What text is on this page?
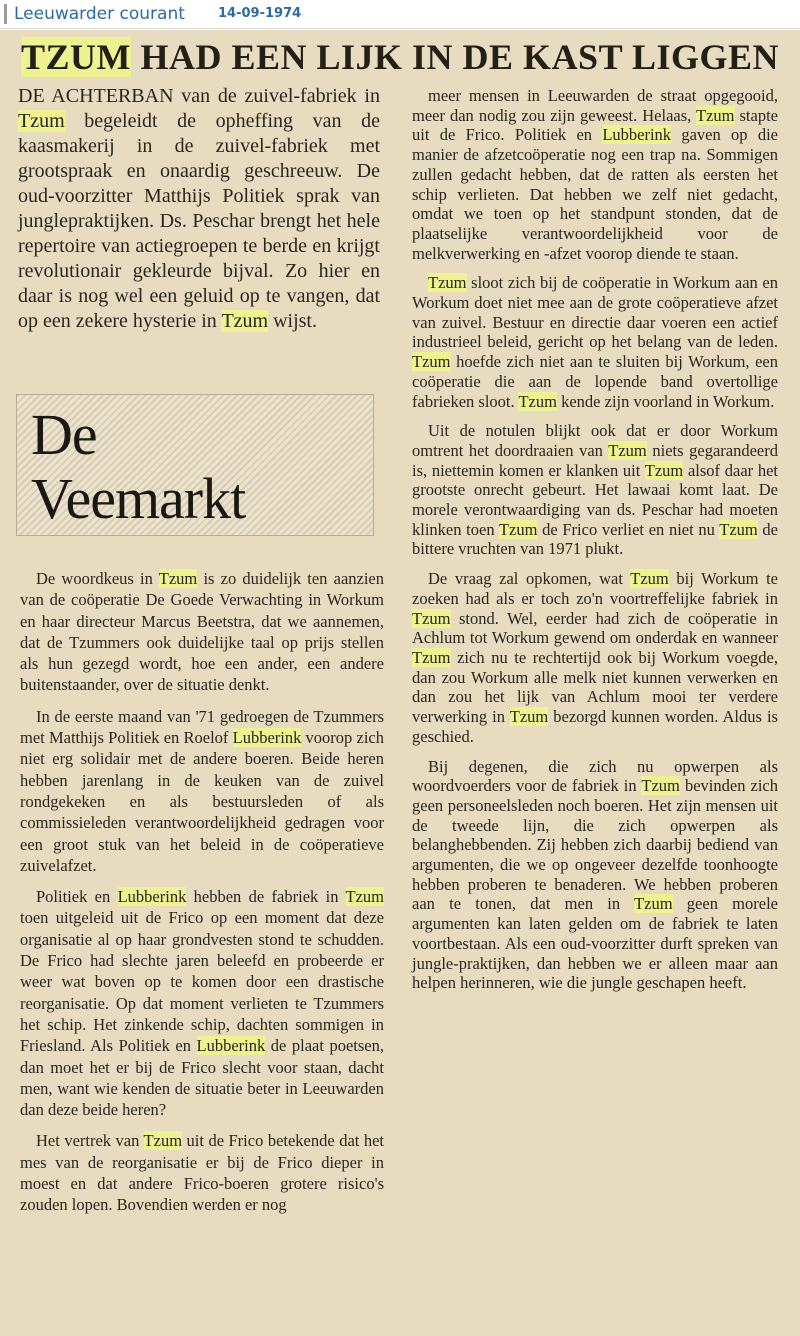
Leeuwarder courant	14-09-1974
TZUM HAD EEN LIJK IN DE KAST LIGGEN

DE ACHTERBAN van de zuivel-fabriek in Tzum begeleidt de opheffing van de kaasmakerij in de zuivel-fabriek met grootspraak en onaardig geschreeuw. De oud-voorzitter Matthijs Politiek sprak van junglepraktijken. Ds. Peschar brengt het hele repertoire van actiegroepen te berde en krijgt revolutionair gekleurde bijval. Zo hier en daar is nog wel een geluid op te vangen, dat op een zekere hysterie in Tzum wijst.

De
Veemarkt

De woordkeus in Tzum is zo duidelijk ten aanzien van de coöperatie De Goede Verwachting in Workum en haar directeur Marcus Beetstra, dat we aannemen, dat de Tzummers ook duidelijke taal op prijs stellen als hun gezegd wordt, hoe een ander, een andere buitenstaander, over de situatie denkt.

In de eerste maand van '71 gedroegen de Tzummers met Matthijs Politiek en Roelof Lubberink voorop zich niet erg solidair met de andere boeren. Beide heren hebben jarenlang in de keuken van de zuivel rondgekeken en als bestuursleden of als commissieleden verantwoordelijkheid gedragen voor een groot stuk van het beleid in de coöperatieve zuivelafzet.

Politiek en Lubberink hebben de fabriek in Tzum toen uitgeleid uit de Frico op een moment dat deze organisatie al op haar grondvesten stond te schudden. De Frico had slechte jaren beleefd en probeerde er weer wat boven op te komen door een drastische reorganisatie. Op dat moment verlieten te Tzummers het schip. Het zinkende schip, dachten sommigen in Friesland. Als Politiek en Lubberink de plaat poetsen, dan moet het er bij de Frico slecht voor staan, dacht men, want wie kenden de situatie beter in Leeuwarden dan deze beide heren?

Het vertrek van Tzum uit de Frico betekende dat het mes van de reorganisatie er bij de Frico dieper in moest en dat andere Frico-boeren grotere risico's zouden lopen. Bovendien werden er nog

meer mensen in Leeuwarden de straat opgegooid, meer dan nodig zou zijn geweest. Helaas, Tzum stapte uit de Frico. Politiek en Lubberink gaven op die manier de afzetcoöperatie nog een trap na. Sommigen zullen gedacht hebben, dat de ratten als eersten het schip verlieten. Dat hebben we zelf niet gedacht, omdat we toen op het standpunt stonden, dat de plaatselijke verantwoordelijkheid voor de melkverwerking en -afzet voorop diende te staan.

Tzum sloot zich bij de coöperatie in Workum aan en Workum doet niet mee aan de grote coöperatieve afzet van zuivel. Bestuur en directie daar voeren een actief industrieel beleid, gericht op het belang van de leden. Tzum hoefde zich niet aan te sluiten bij Workum, een coöperatie die aan de lopende band overtollige fabrieken sloot. Tzum kende zijn voorland in Workum.

Uit de notulen blijkt ook dat er door Workum omtrent het doordraaien van Tzum niets gegarandeerd is, niettemin komen er klanken uit Tzum alsof daar het grootste onrecht gebeurt. Het lawaai komt laat. De morele verontwaardiging van ds. Peschar had moeten klinken toen Tzum de Frico verliet en niet nu Tzum de bittere vruchten van 1971 plukt.

De vraag zal opkomen, wat Tzum bij Workum te zoeken had als er toch zo'n voortreffelijke fabriek in Tzum stond. Wel, eerder had zich de coöperatie in Achlum tot Workum gewend om onderdak en wanneer Tzum zich nu te rechtertijd ook bij Workum voegde, dan zou Workum alle melk niet kunnen verwerken en dan zou het lijk van Achlum mooi ter verdere verwerking in Tzum bezorgd kunnen worden. Aldus is geschied.

Bij degenen, die zich nu opwerpen als woordvoerders voor de fabriek in Tzum bevinden zich geen personeelsleden noch boeren. Het zijn mensen uit de tweede lijn, die zich opwerpen als belanghebbenden. Zij hebben zich daarbij bediend van argumenten, die we op ongeveer dezelfde toonhoogte hebben proberen te benaderen. We hebben proberen aan te tonen, dat men in Tzum geen morele argumenten kan laten gelden om de fabriek te laten voortbestaan. Als een oud-voorzitter durft spreken van jungle-praktijken, dan hebben we er alleen maar aan helpen herinneren, wie die jungle geschapen heeft.
